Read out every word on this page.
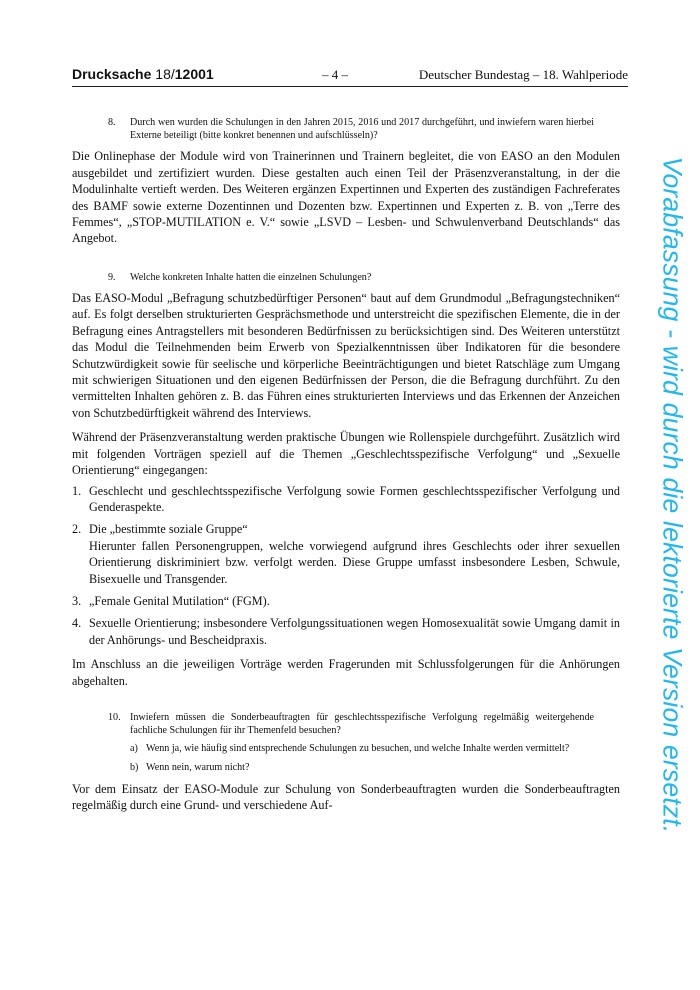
Drucksache 18/12001	– 4 –	Deutscher Bundestag – 18. Wahlperiode
8.	Durch wen wurden die Schulungen in den Jahren 2015, 2016 und 2017 durchgeführt, und inwiefern waren hierbei Externe beteiligt (bitte konkret benennen und aufschlüsseln)?

Die Onlinephase der Module wird von Trainerinnen und Trainern begleitet, die von EASO an den Modulen ausgebildet und zertifiziert wurden. Diese gestalten auch einen Teil der Präsenzveranstaltung, in der die Modulinhalte vertieft werden. Des Weiteren ergänzen Expertinnen und Experten des zuständigen Fachreferates des BAMF sowie externe Dozentinnen und Dozenten bzw. Expertinnen und Experten z. B. von „Terre des Femmes“, „STOP-MUTILATION e. V.“ sowie „LSVD – Lesben- und Schwulenverband Deutschlands“ das Angebot.

9.	Welche konkreten Inhalte hatten die einzelnen Schulungen?

Das EASO-Modul „Befragung schutzbedürftiger Personen“ baut auf dem Grundmodul „Befragungstechniken“ auf. Es folgt derselben strukturierten Gesprächsmethode und unterstreicht die spezifischen Elemente, die in der Befragung eines Antragstellers mit besonderen Bedürfnissen zu berücksichtigen sind. Des Weiteren unterstützt das Modul die Teilnehmenden beim Erwerb von Spezialkenntnissen über Indikatoren für die besondere Schutzwürdigkeit sowie für seelische und körperliche Beeinträchtigungen und bietet Ratschläge zum Umgang mit schwierigen Situationen und den eigenen Bedürfnissen der Person, die die Befragung durchführt. Zu den vermittelten Inhalten gehören z. B. das Führen eines strukturierten Interviews und das Erkennen der Anzeichen von Schutzbedürftigkeit während des Interviews.

Während der Präsenzveranstaltung werden praktische Übungen wie Rollenspiele durchgeführt. Zusätzlich wird mit folgenden Vorträgen speziell auf die Themen „Geschlechtsspezifische Verfolgung“ und „Sexuelle Orientierung“ eingegangen:

1. Geschlecht und geschlechtsspezifische Verfolgung sowie Formen geschlechtsspezifischer Verfolgung und Genderaspekte.
2. Die „bestimmte soziale Gruppe“
Hierunter fallen Personengruppen, welche vorwiegend aufgrund ihres Geschlechts oder ihrer sexuellen Orientierung diskriminiert bzw. verfolgt werden. Diese Gruppe umfasst insbesondere Lesben, Schwule, Bisexuelle und Transgender.
3. „Female Genital Mutilation“ (FGM).
4. Sexuelle Orientierung; insbesondere Verfolgungssituationen wegen Homosexualität sowie Umgang damit in der Anhörungs- und Bescheidpraxis.

Im Anschluss an die jeweiligen Vorträge werden Fragerunden mit Schlussfolgerungen für die Anhörungen abgehalten.

10. Inwiefern müssen die Sonderbeauftragten für geschlechtsspezifische Verfolgung regelmäßig weitergehende fachliche Schulungen für ihr Themenfeld besuchen?
a) Wenn ja, wie häufig sind entsprechende Schulungen zu besuchen, und welche Inhalte werden vermittelt?
b) Wenn nein, warum nicht?

Vor dem Einsatz der EASO-Module zur Schulung von Sonderbeauftragten wurden die Sonderbeauftragten regelmäßig durch eine Grund- und verschiedene Auf-	Vorabfassung - wird durch die lektorierte Version ersetzt.
